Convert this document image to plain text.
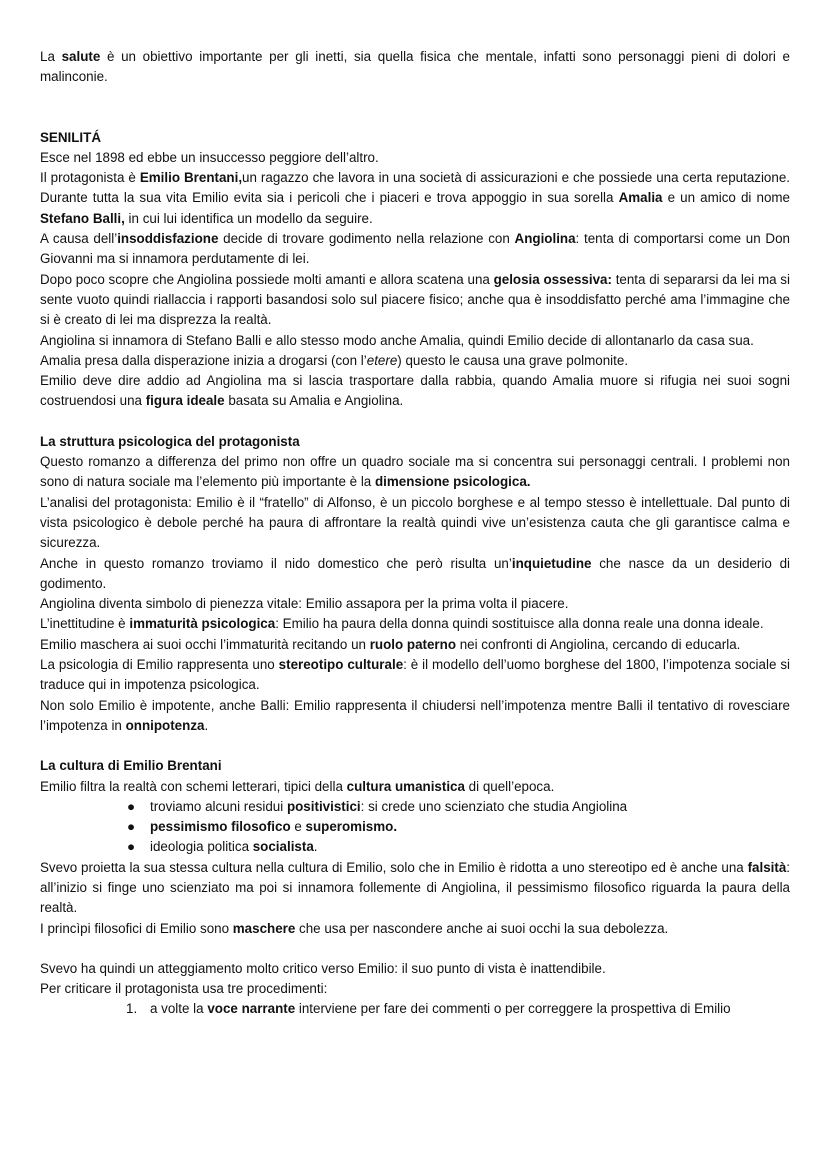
La salute è un obiettivo importante per gli inetti, sia quella fisica che mentale, infatti sono personaggi pieni di dolori e malinconie.

SENILITÁ

Esce nel 1898 ed ebbe un insuccesso peggiore dell’altro.

Il protagonista è Emilio Brentani,un ragazzo che lavora in una società di assicurazioni e che possiede una certa reputazione. Durante tutta la sua vita Emilio evita sia i pericoli che i piaceri e trova appoggio in sua sorella Amalia e un amico di nome Stefano Balli, in cui lui identifica un modello da seguire.

A causa dell’insoddisfazione decide di trovare godimento nella relazione con Angiolina: tenta di comportarsi come un Don Giovanni ma si innamora perdutamente di lei.

Dopo poco scopre che Angiolina possiede molti amanti e allora scatena una gelosia ossessiva: tenta di separarsi da lei ma si sente vuoto quindi riallaccia i rapporti basandosi solo sul piacere fisico; anche qua è insoddisfatto perché ama l’immagine che si è creato di lei ma disprezza la realtà.

Angiolina si innamora di Stefano Balli e allo stesso modo anche Amalia, quindi Emilio decide di allontanarlo da casa sua.

Amalia presa dalla disperazione inizia a drogarsi (con l’etere) questo le causa una grave polmonite.

Emilio deve dire addio ad Angiolina ma si lascia trasportare dalla rabbia, quando Amalia muore si rifugia nei suoi sogni costruendosi una figura ideale basata su Amalia e Angiolina.

La struttura psicologica del protagonista

Questo romanzo a differenza del primo non offre un quadro sociale ma si concentra sui personaggi centrali. I problemi non sono di natura sociale ma l’elemento più importante è la dimensione psicologica.

L’analisi del protagonista: Emilio è il “fratello” di Alfonso, è un piccolo borghese e al tempo stesso è intellettuale. Dal punto di vista psicologico è debole perché ha paura di affrontare la realtà quindi vive un’esistenza cauta che gli garantisce calma e sicurezza.

Anche in questo romanzo troviamo il nido domestico che però risulta un’inquietudine che nasce da un desiderio di godimento.

Angiolina diventa simbolo di pienezza vitale: Emilio assapora per la prima volta il piacere.

L’inettitudine è immaturità psicologica: Emilio ha paura della donna quindi sostituisce alla donna reale una donna ideale.

Emilio maschera ai suoi occhi l’immaturità recitando un ruolo paterno nei confronti di Angiolina, cercando di educarla.

La psicologia di Emilio rappresenta uno stereotipo culturale: è il modello dell’uomo borghese del 1800, l’impotenza sociale si traduce qui in impotenza psicologica.

Non solo Emilio è impotente, anche Balli: Emilio rappresenta il chiudersi nell’impotenza mentre Balli il tentativo di rovesciare l’impotenza in onnipotenza.

La cultura di Emilio Brentani

Emilio filtra la realtà con schemi letterari, tipici della cultura umanistica di quell’epoca.

● troviamo alcuni residui positivistici: si crede uno scienziato che studia Angiolina
● pessimismo filosofico e superomismo.
● ideologia politica socialista.

Svevo proietta la sua stessa cultura nella cultura di Emilio, solo che in Emilio è ridotta a uno stereotipo ed è anche una falsità: all’inizio si finge uno scienziato ma poi si innamora follemente di Angiolina, il pessimismo filosofico riguarda la paura della realtà.

I princìpi filosofici di Emilio sono maschere che usa per nascondere anche ai suoi occhi la sua debolezza.

Svevo ha quindi un atteggiamento molto critico verso Emilio: il suo punto di vista è inattendibile.

Per criticare il protagonista usa tre procedimenti:

1. a volte la voce narrante interviene per fare dei commenti o per correggere la prospettiva di Emilio
